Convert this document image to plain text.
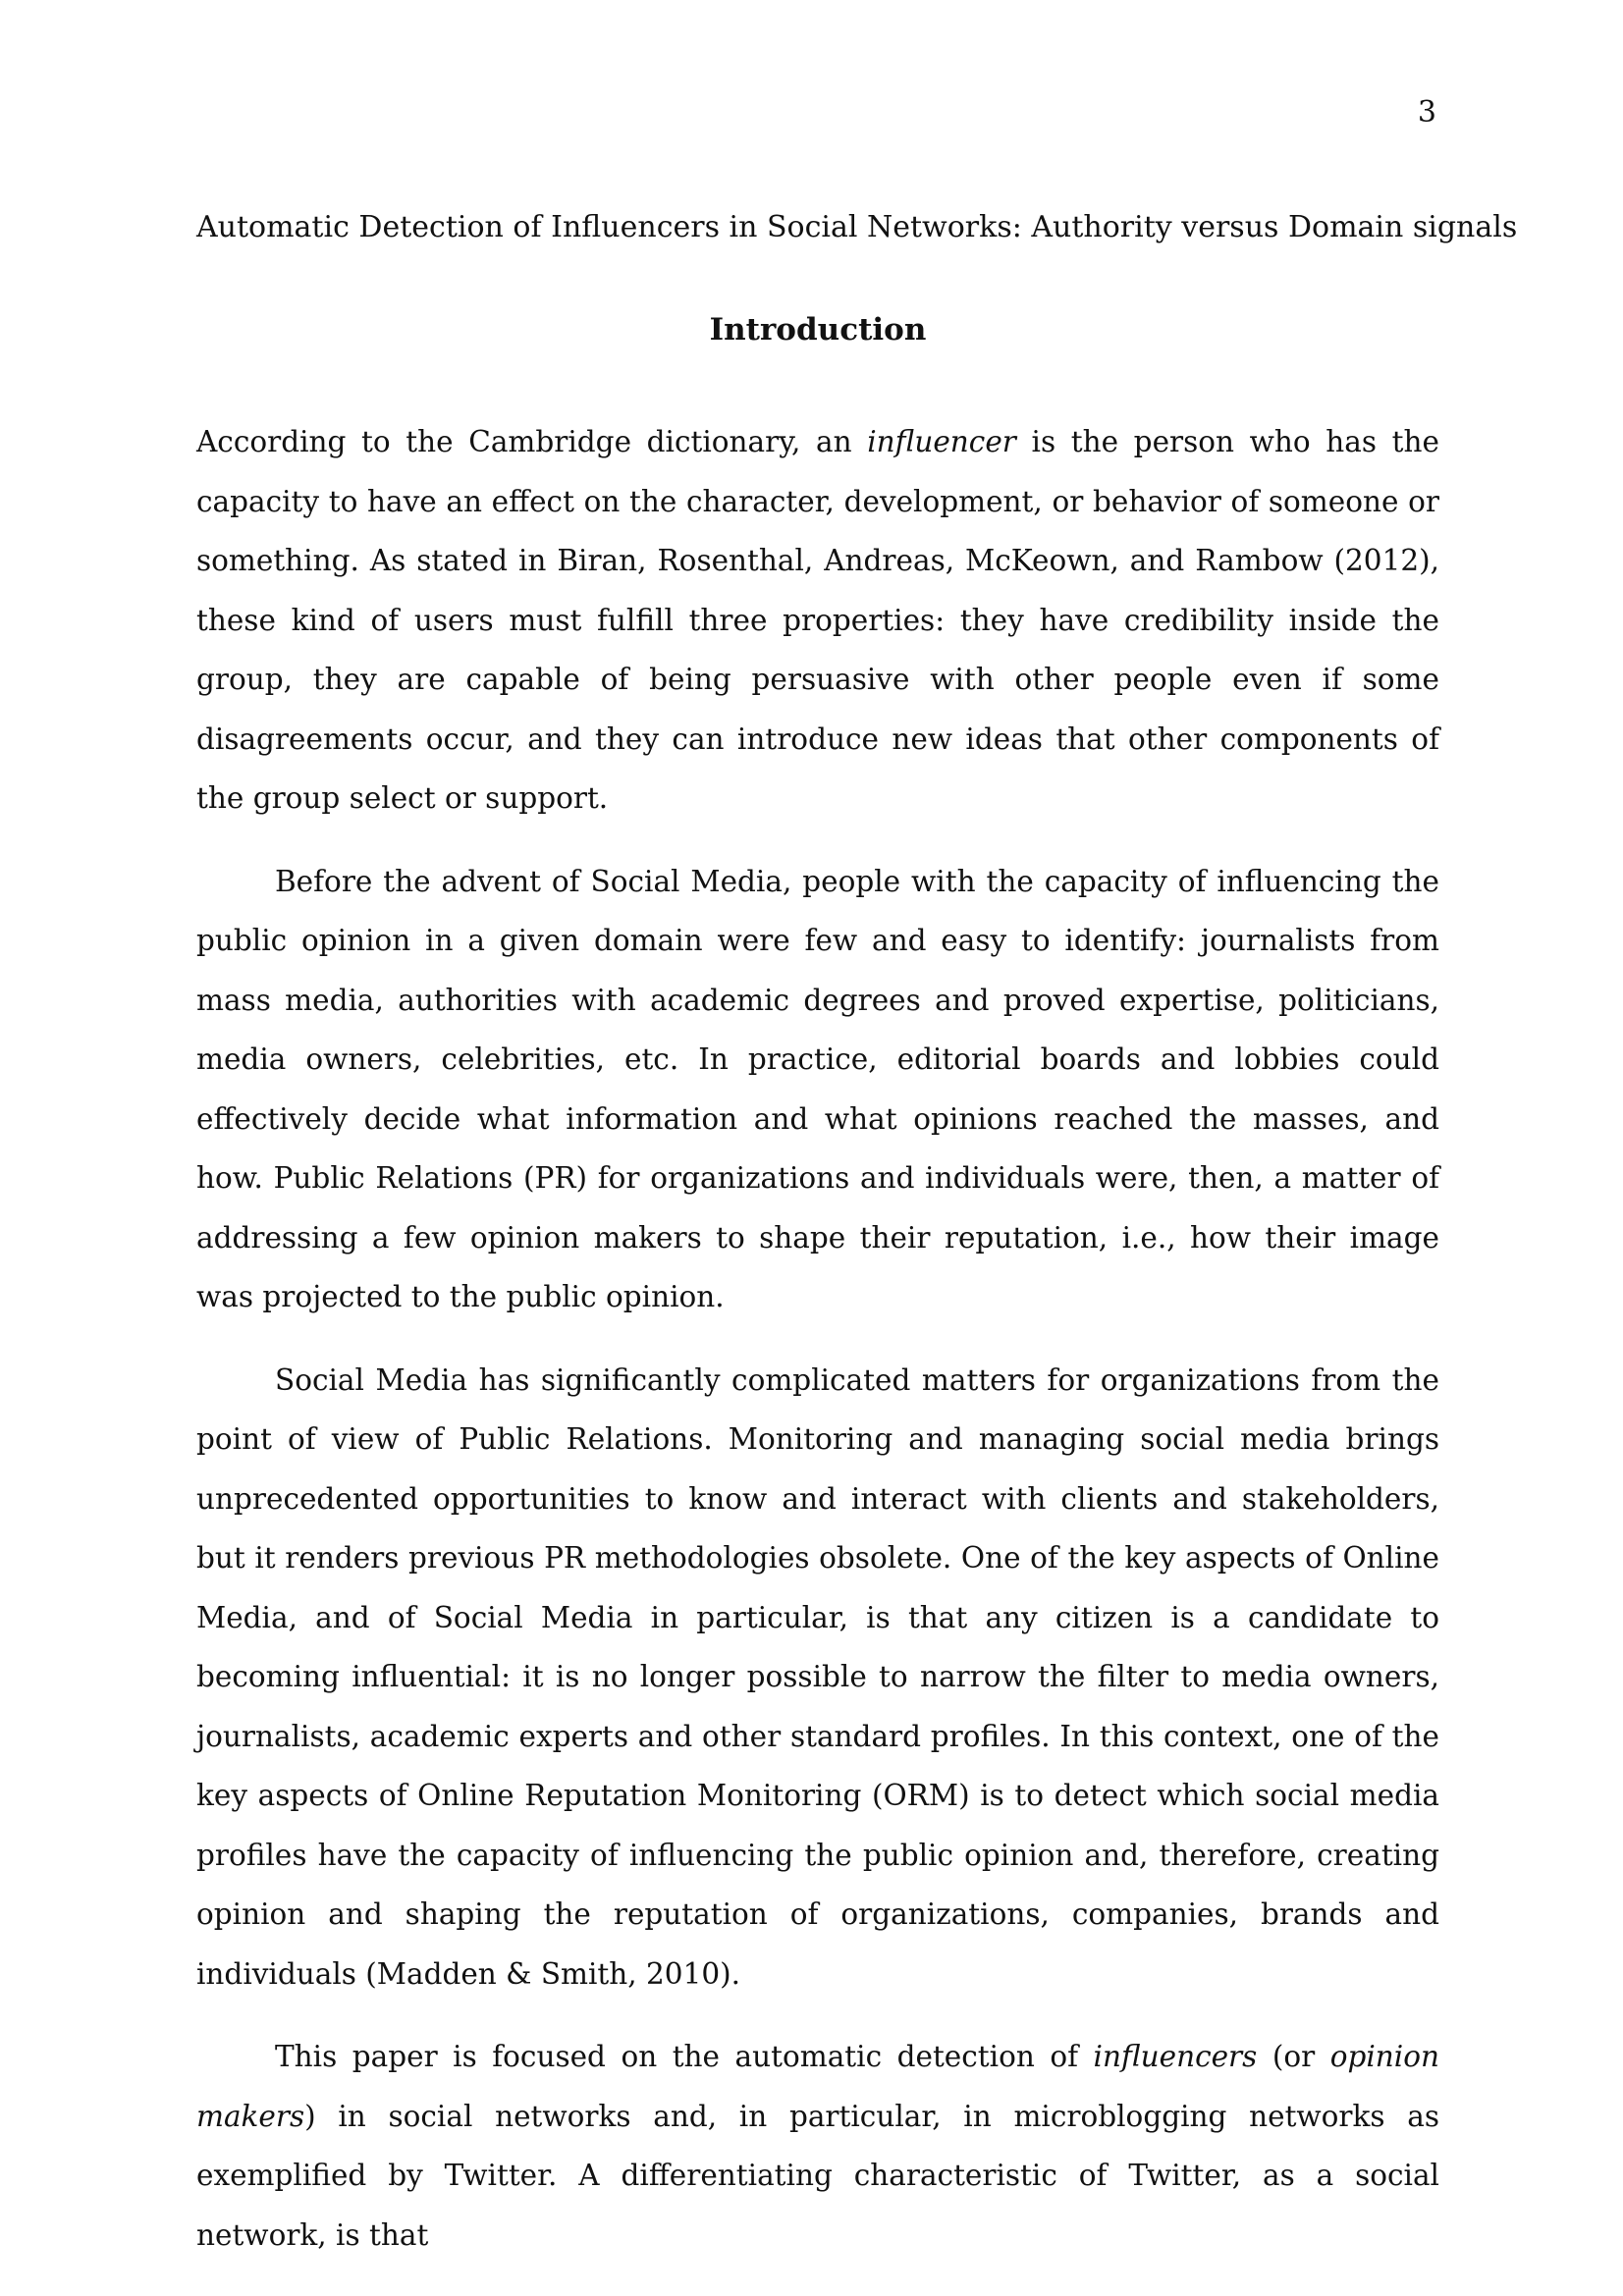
3
Automatic Detection of Influencers in Social Networks: Authority versus Domain signals
Introduction

According to the Cambridge dictionary, an influencer is the person who has the capacity to have an effect on the character, development, or behavior of someone or something. As stated in Biran, Rosenthal, Andreas, McKeown, and Rambow (2012), these kind of users must fulfill three properties: they have credibility inside the group, they are capable of being persuasive with other people even if some disagreements occur, and they can introduce new ideas that other components of the group select or support.

Before the advent of Social Media, people with the capacity of influencing the public opinion in a given domain were few and easy to identify: journalists from mass media, authorities with academic degrees and proved expertise, politicians, media owners, celebrities, etc. In practice, editorial boards and lobbies could effectively decide what information and what opinions reached the masses, and how. Public Relations (PR) for organizations and individuals were, then, a matter of addressing a few opinion makers to shape their reputation, i.e., how their image was projected to the public opinion.

Social Media has significantly complicated matters for organizations from the point of view of Public Relations. Monitoring and managing social media brings unprecedented opportunities to know and interact with clients and stakeholders, but it renders previous PR methodologies obsolete. One of the key aspects of Online Media, and of Social Media in particular, is that any citizen is a candidate to becoming influential: it is no longer possible to narrow the filter to media owners, journalists, academic experts and other standard profiles. In this context, one of the key aspects of Online Reputation Monitoring (ORM) is to detect which social media profiles have the capacity of influencing the public opinion and, therefore, creating opinion and shaping the reputation of organizations, companies, brands and individuals (Madden & Smith, 2010).

This paper is focused on the automatic detection of influencers (or opinion makers) in social networks and, in particular, in microblogging networks as exemplified by Twitter. A differentiating characteristic of Twitter, as a social network, is that
